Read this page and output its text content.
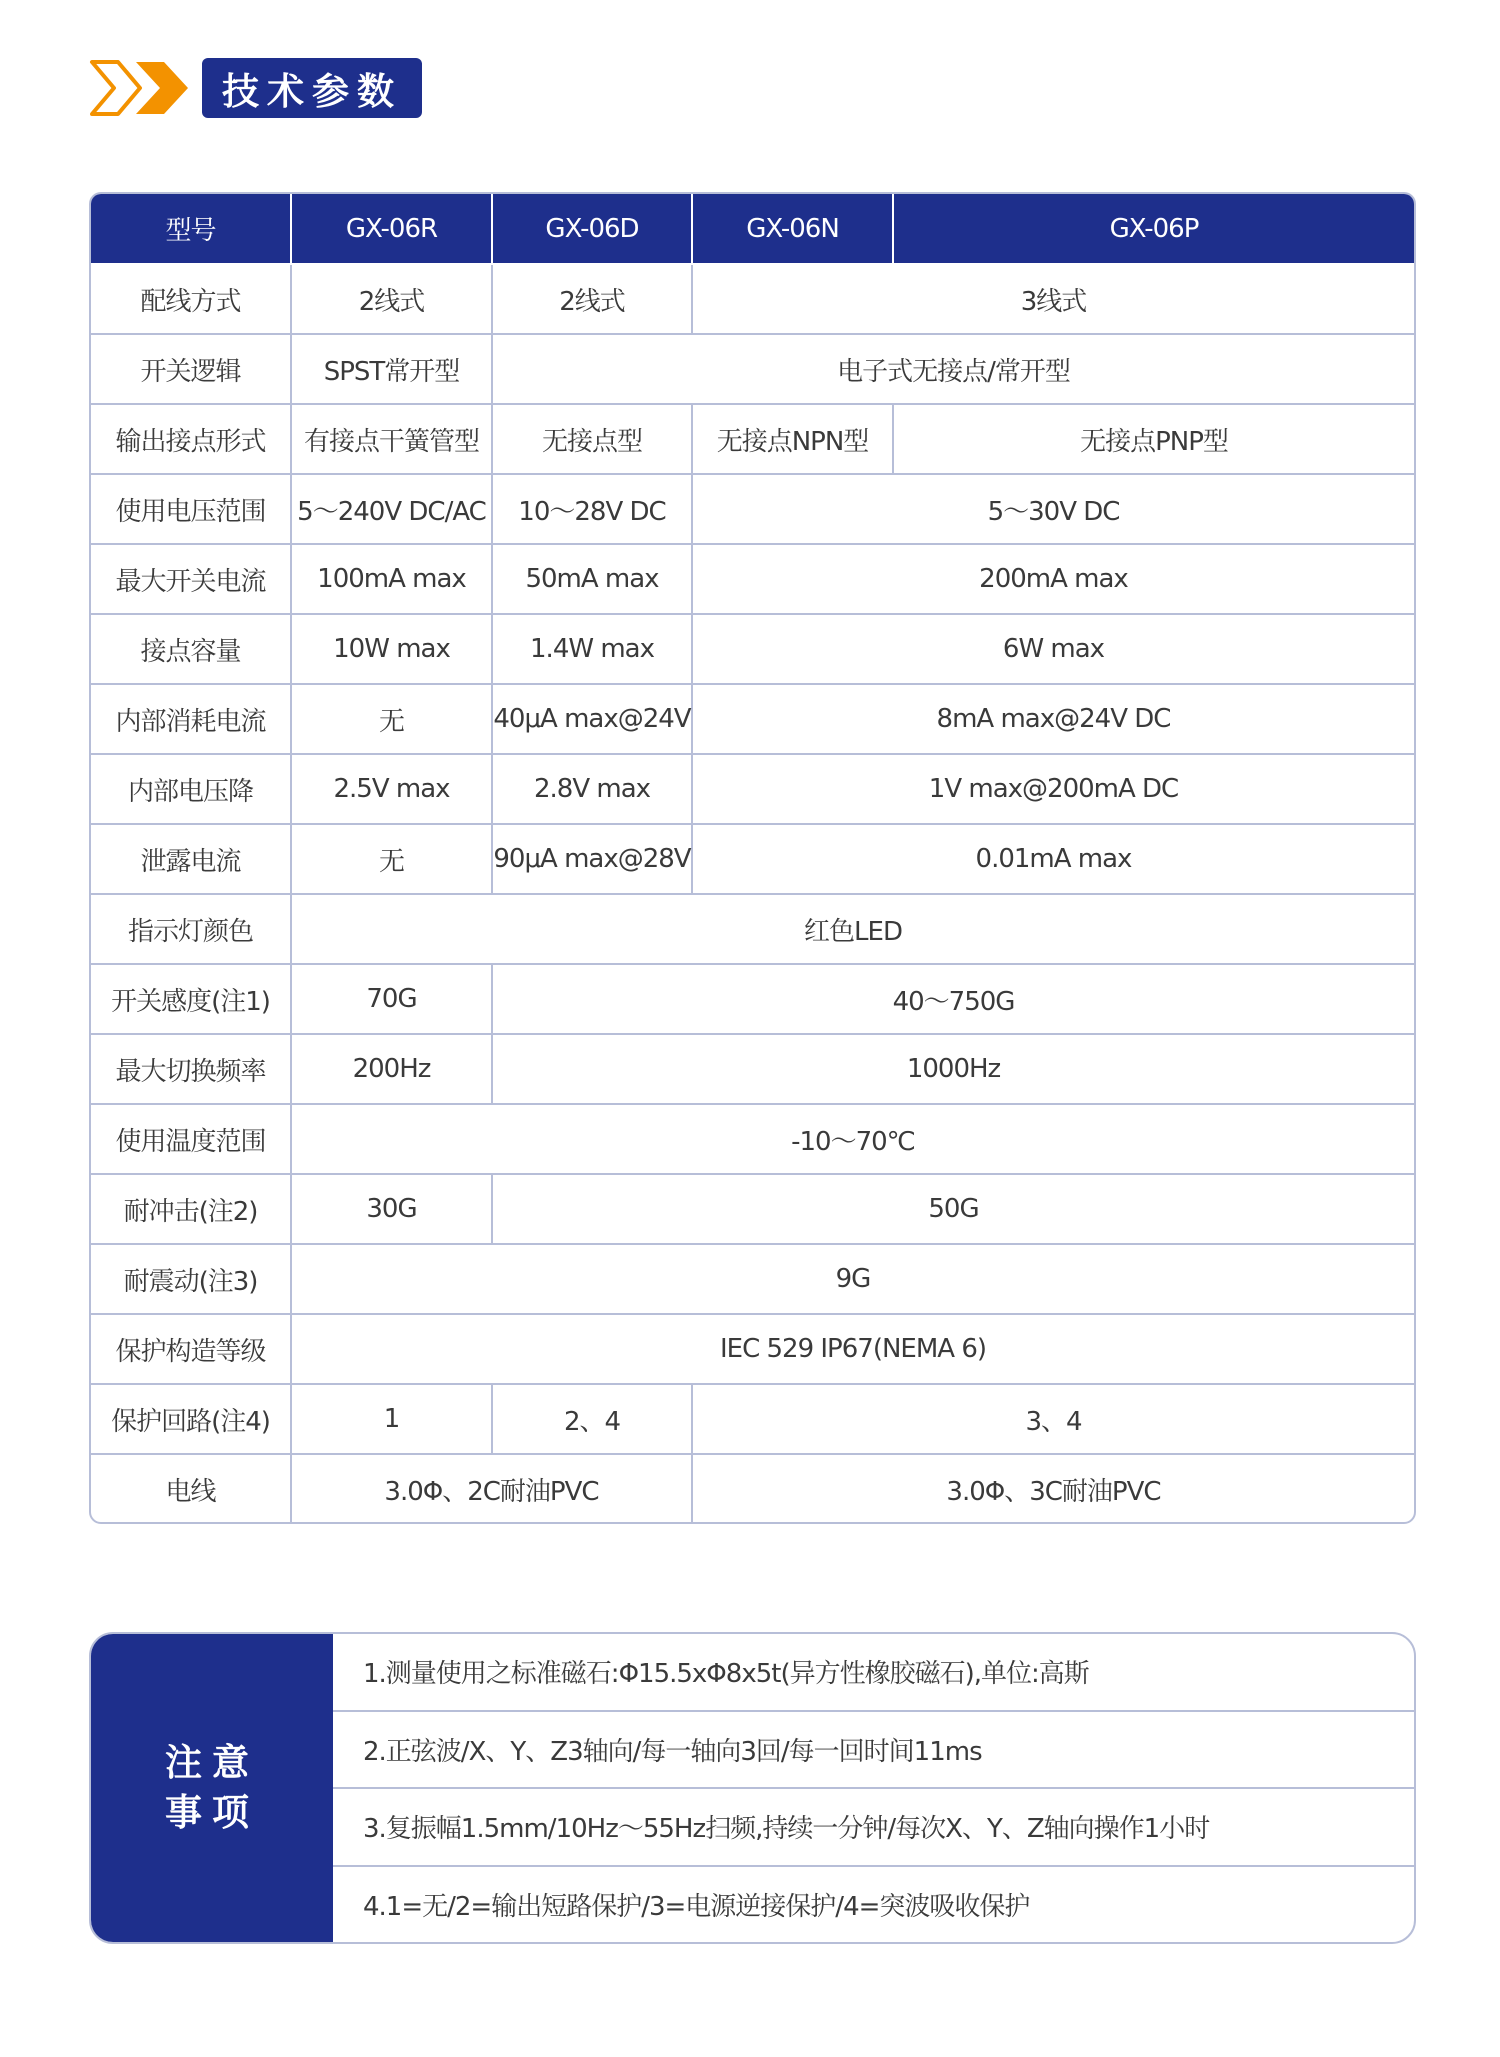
技术参数
型号	GX-06R	GX-06D	GX-06N	GX-06P
配线方式	2线式	2线式	3线式	
开关逻辑	SPST常开型	电子式无接点/常开型		
输出接点形式	有接点干簧管型	无接点型	无接点NPN型	无接点PNP型
使用电压范围	5～240V DC/AC	10～28V DC	5～30V DC	
最大开关电流	100mA max	50mA max	200mA max	
接点容量	10W max	1.4W max	6W max	
内部消耗电流	无	40μA max@24V	8mA max@24V DC	
内部电压降	2.5V max	2.8V max	1V max@200mA DC	
泄露电流	无	90μA max@28V	0.01mA max	
指示灯颜色	红色LED			
开关感度(注1)	70G	40～750G		
最大切换频率	200Hz	1000Hz		
使用温度范围	-10～70℃			
耐冲击(注2)	30G	50G		
耐震动(注3)	9G			
保护构造等级	IEC 529 IP67(NEMA 6)			
保护回路(注4)	1	2、4	3、4	
电线	3.0Φ、2C耐油PVC		3.0Φ、3C耐油PVC	
注意
事项
1.测量使用之标准磁石:Φ15.5xΦ8x5t(异方性橡胶磁石),单位:高斯
2.正弦波/X、Y、Z3轴向/每一轴向3回/每一回时间11ms
3.复振幅1.5mm/10Hz～55Hz扫频,持续一分钟/每次X、Y、Z轴向操作1小时
4.1=无/2=输出短路保护/3=电源逆接保护/4=突波吸收保护
